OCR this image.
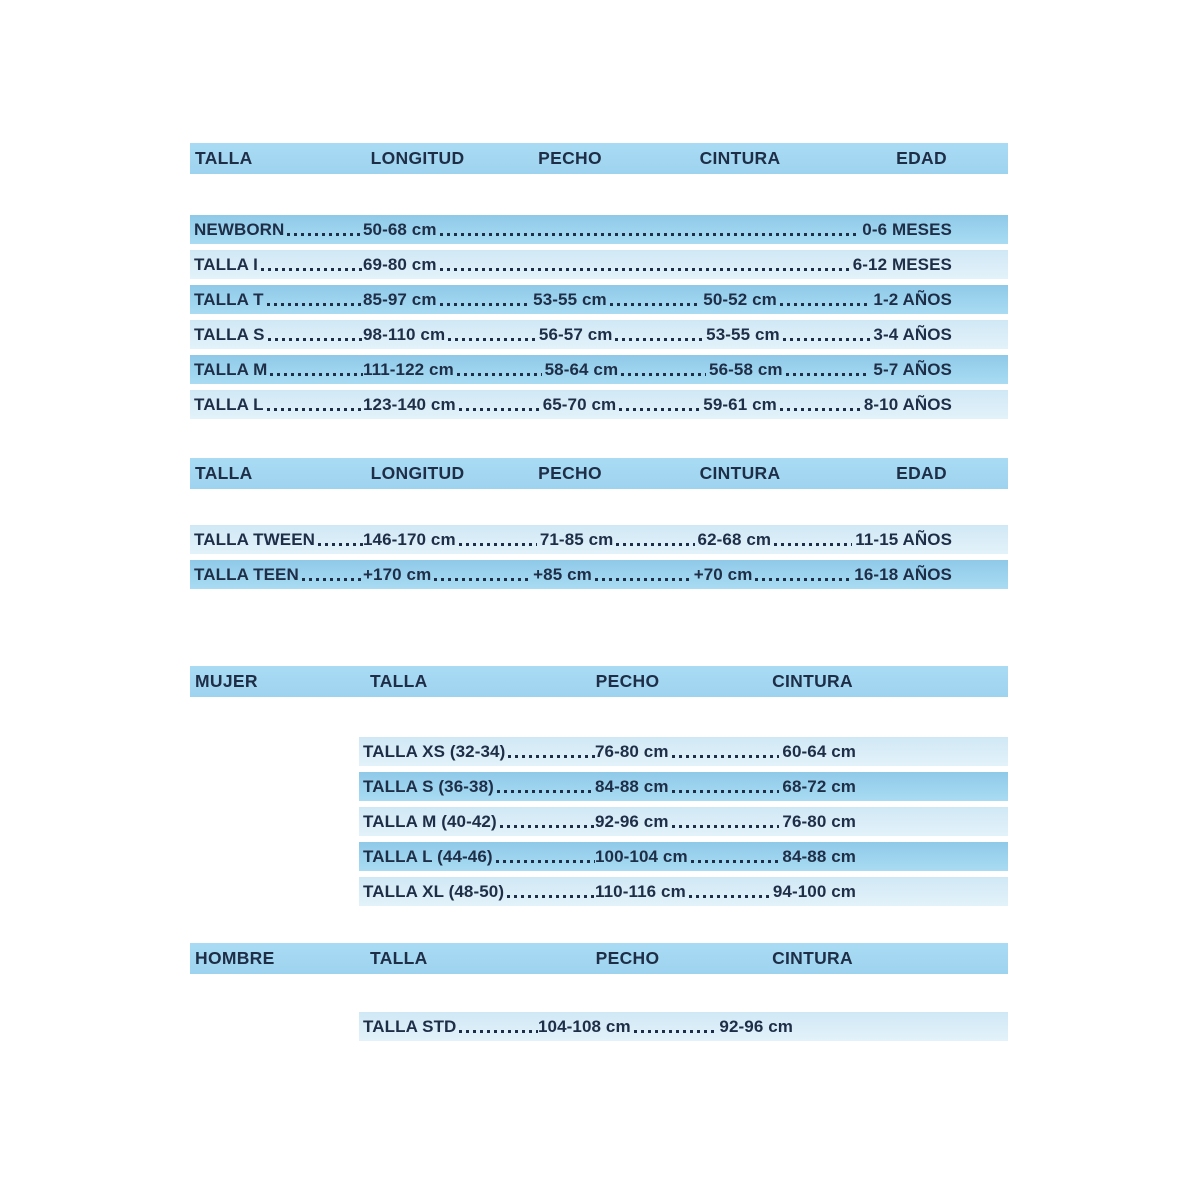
TALLA	LONGITUD	PECHO	CINTURA	EDAD
NEWBORN	50-68 cm	0-6 MESES
TALLA I	69-80 cm	6-12 MESES
TALLA T	85-97 cm	53-55 cm	50-52 cm	1-2 AÑOS
TALLA S	98-110 cm	56-57 cm	53-55 cm	3-4 AÑOS
TALLA M	111-122 cm	58-64 cm	56-58 cm	5-7 AÑOS
TALLA L	123-140 cm	65-70 cm	59-61 cm	8-10 AÑOS
TALLA	LONGITUD	PECHO	CINTURA	EDAD
TALLA TWEEN	146-170 cm	71-85 cm	62-68 cm	11-15 AÑOS
TALLA TEEN	+170 cm	+85 cm	+70 cm	16-18 AÑOS
MUJER	TALLA	PECHO	CINTURA
TALLA XS (32-34)	76-80 cm	60-64 cm
TALLA S (36-38)	84-88 cm	68-72 cm
TALLA M (40-42)	92-96 cm	76-80 cm
TALLA L (44-46)	100-104 cm	84-88 cm
TALLA XL (48-50)	110-116 cm	94-100 cm
HOMBRE	TALLA	PECHO	CINTURA
TALLA STD	104-108 cm	92-96 cm
